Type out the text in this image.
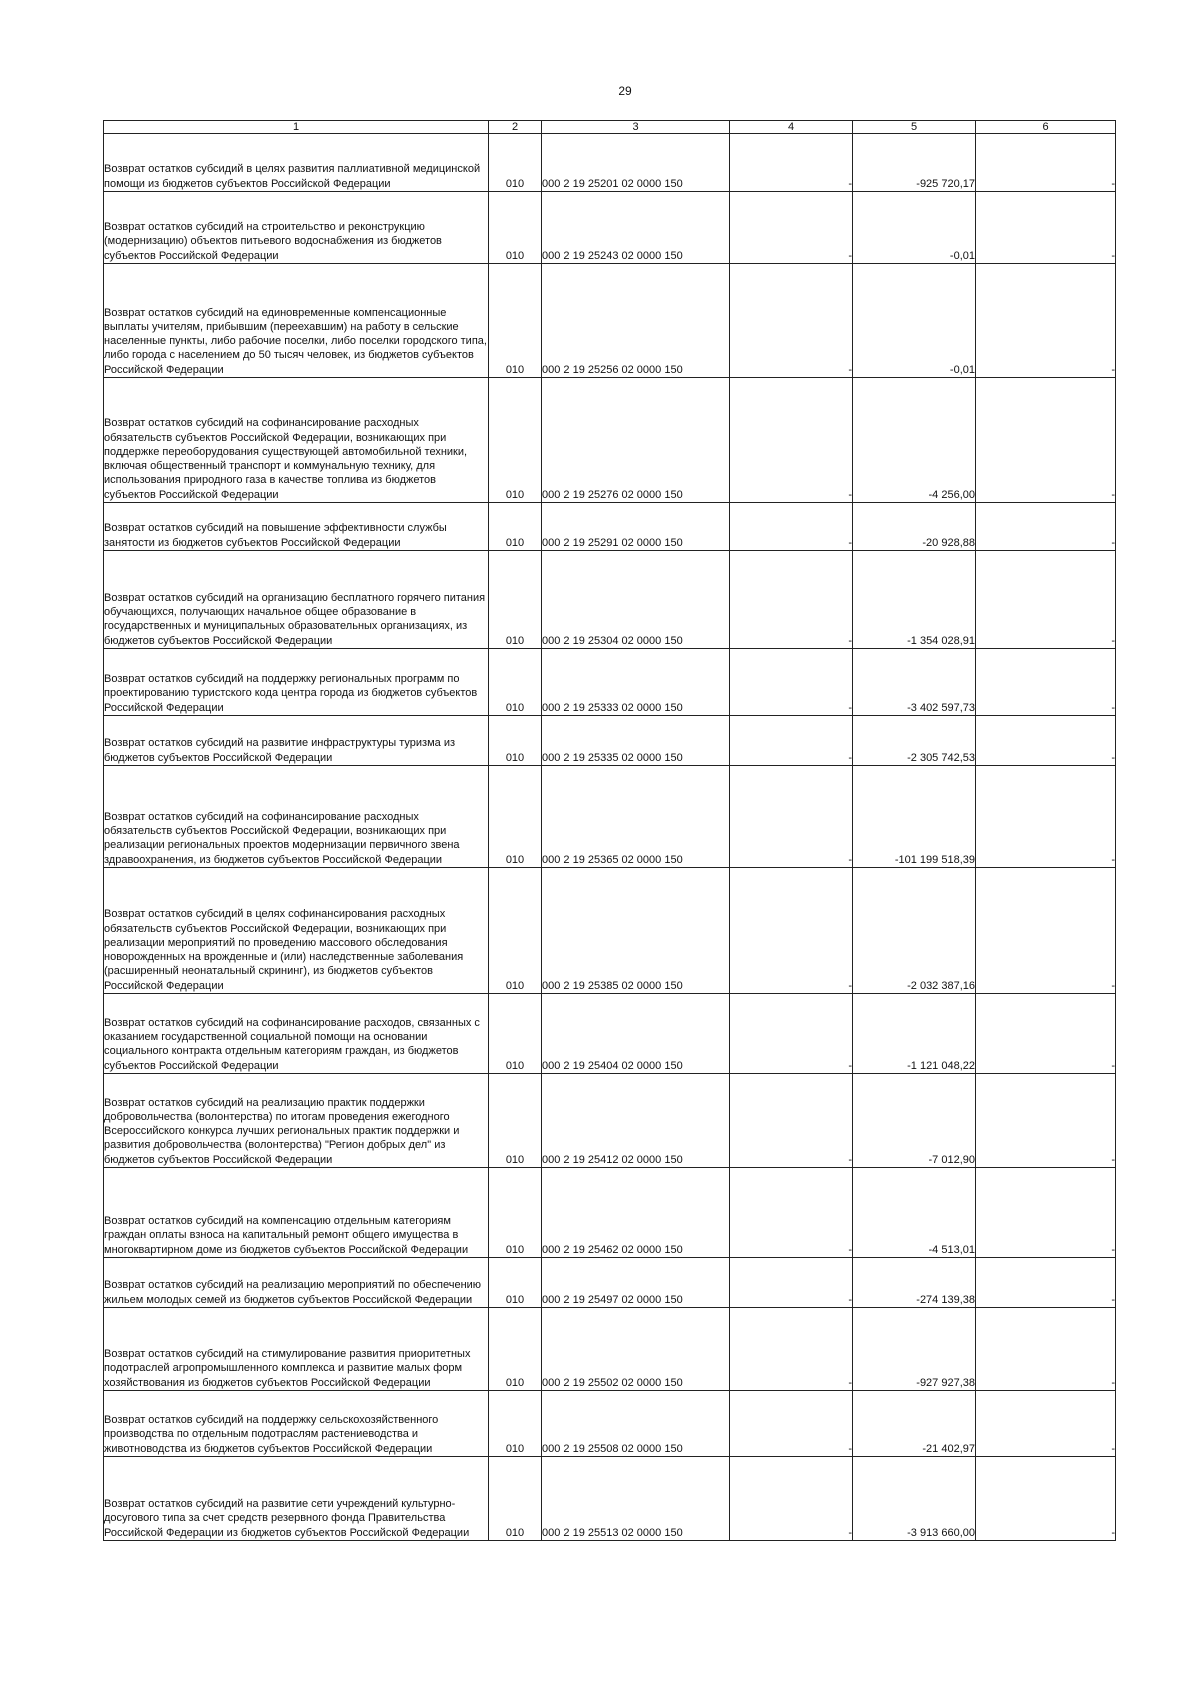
29
1	2	3	4	5	6
Возврат остатков субсидий в целях развития паллиативной медицинской помощи из бюджетов субъектов Российской Федерации	010	000 2 19 25201 02 0000 150	-	-925 720,17	-
Возврат остатков субсидий на строительство и реконструкцию (модернизацию) объектов питьевого водоснабжения из бюджетов субъектов Российской Федерации	010	000 2 19 25243 02 0000 150	-	-0,01	-
Возврат остатков субсидий на единовременные компенсационные выплаты учителям, прибывшим (переехавшим) на работу в сельские населенные пункты, либо рабочие поселки, либо поселки городского типа, либо города с населением до 50 тысяч человек, из бюджетов субъектов Российской Федерации	010	000 2 19 25256 02 0000 150	-	-0,01	-
Возврат остатков субсидий на софинансирование расходных обязательств субъектов Российской Федерации, возникающих при поддержке переоборудования существующей автомобильной техники, включая общественный транспорт и коммунальную технику, для использования природного газа в качестве топлива из бюджетов субъектов Российской Федерации	010	000 2 19 25276 02 0000 150	-	-4 256,00	-
Возврат остатков субсидий на повышение эффективности службы занятости из бюджетов субъектов Российской Федерации	010	000 2 19 25291 02 0000 150	-	-20 928,88	-
Возврат остатков субсидий на организацию бесплатного горячего питания обучающихся, получающих начальное общее образование в государственных и муниципальных образовательных организациях, из бюджетов субъектов Российской Федерации	010	000 2 19 25304 02 0000 150	-	-1 354 028,91	-
Возврат остатков субсидий на поддержку региональных программ по проектированию туристского кода центра города из бюджетов субъектов Российской Федерации	010	000 2 19 25333 02 0000 150	-	-3 402 597,73	-
Возврат остатков субсидий на развитие инфраструктуры туризма из бюджетов субъектов Российской Федерации	010	000 2 19 25335 02 0000 150	-	-2 305 742,53	-
Возврат остатков субсидий на софинансирование расходных обязательств субъектов Российской Федерации, возникающих при реализации региональных проектов модернизации первичного звена здравоохранения, из бюджетов субъектов Российской Федерации	010	000 2 19 25365 02 0000 150	-	-101 199 518,39	-
Возврат остатков субсидий в целях софинансирования расходных обязательств субъектов Российской Федерации, возникающих при реализации мероприятий по проведению массового обследования новорожденных на врожденные и (или) наследственные заболевания (расширенный неонатальный скрининг), из бюджетов субъектов Российской Федерации	010	000 2 19 25385 02 0000 150	-	-2 032 387,16	-
Возврат остатков субсидий на софинансирование расходов, связанных с оказанием государственной социальной помощи на основании социального контракта отдельным категориям граждан, из бюджетов субъектов Российской Федерации	010	000 2 19 25404 02 0000 150	-	-1 121 048,22	-
Возврат остатков субсидий на реализацию практик поддержки добровольчества (волонтерства) по итогам проведения ежегодного Всероссийского конкурса лучших региональных практик поддержки и развития добровольчества (волонтерства) "Регион добрых дел" из бюджетов субъектов Российской Федерации	010	000 2 19 25412 02 0000 150	-	-7 012,90	-
Возврат остатков субсидий на компенсацию отдельным категориям граждан оплаты взноса на капитальный ремонт общего имущества в многоквартирном доме из бюджетов субъектов Российской Федерации	010	000 2 19 25462 02 0000 150	-	-4 513,01	-
Возврат остатков субсидий на реализацию мероприятий по обеспечению жильем молодых семей из бюджетов субъектов Российской Федерации	010	000 2 19 25497 02 0000 150	-	-274 139,38	-
Возврат остатков субсидий на стимулирование развития приоритетных подотраслей агропромышленного комплекса и развитие малых форм хозяйствования из бюджетов субъектов Российской Федерации	010	000 2 19 25502 02 0000 150	-	-927 927,38	-
Возврат остатков субсидий на поддержку сельскохозяйственного производства по отдельным подотраслям растениеводства и животноводства из бюджетов субъектов Российской Федерации	010	000 2 19 25508 02 0000 150	-	-21 402,97	-
Возврат остатков субсидий на развитие сети учреждений культурно-досугового типа за счет средств резервного фонда Правительства Российской Федерации из бюджетов субъектов Российской Федерации	010	000 2 19 25513 02 0000 150	-	-3 913 660,00	-
